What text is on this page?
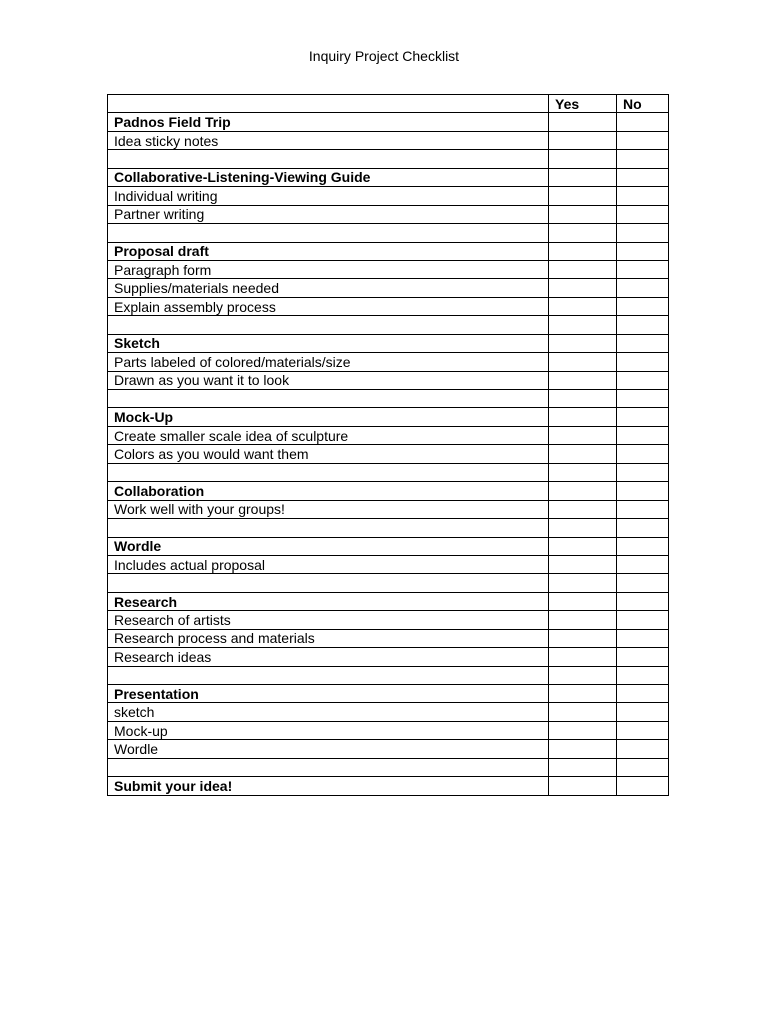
Inquiry Project Checklist
	Yes	No
Padnos Field Trip		
Idea sticky notes		

Collaborative-Listening-Viewing Guide		
Individual writing		
Partner writing		

Proposal draft		
Paragraph form		
Supplies/materials needed		
Explain assembly process		

Sketch		
Parts labeled of colored/materials/size		
Drawn as you want it to look		

Mock-Up		
Create smaller scale idea of sculpture		
Colors as you would want them		

Collaboration		
Work well with your groups!		

Wordle		
Includes actual proposal		

Research		
Research of artists		
Research process and materials		
Research ideas		

Presentation		
sketch		
Mock-up		
Wordle		

Submit your idea!		
